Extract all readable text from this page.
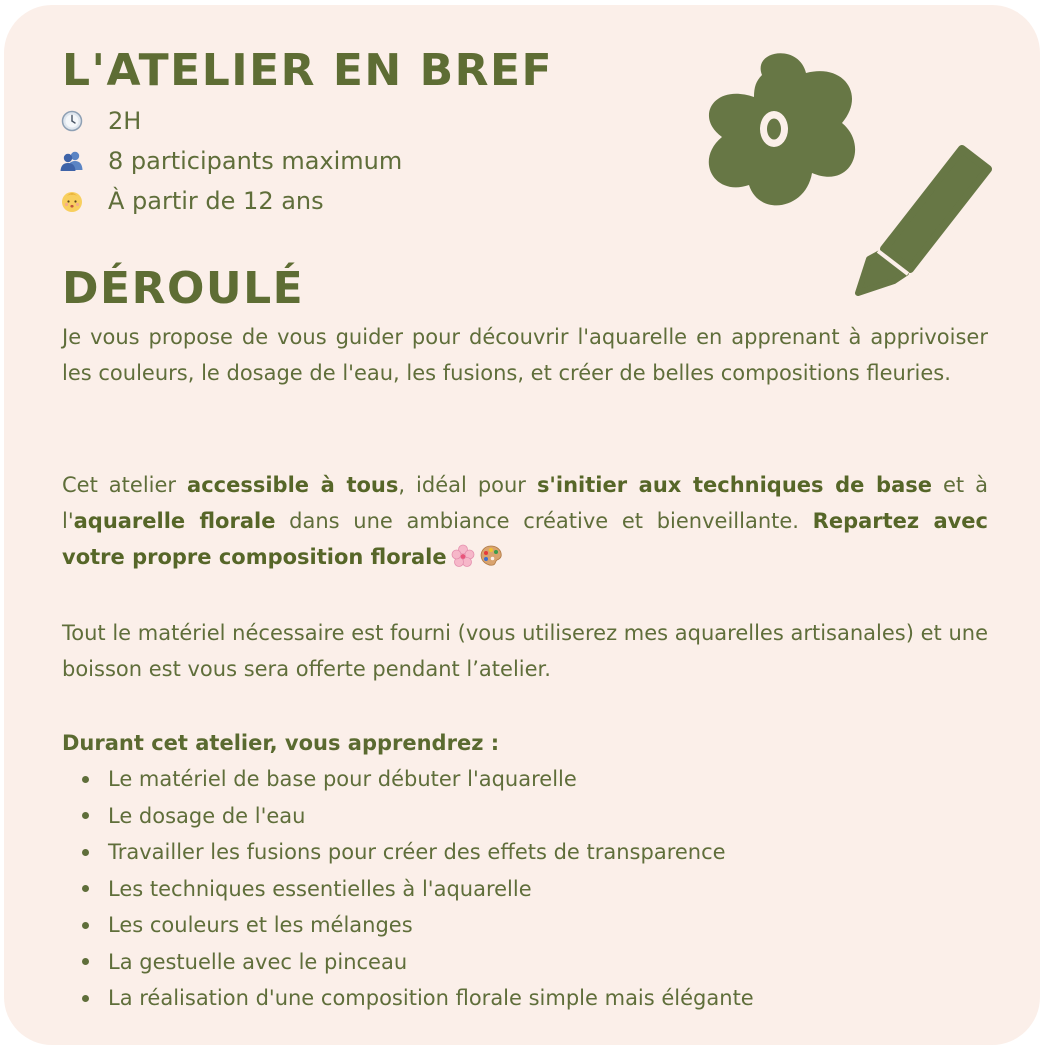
L'ATELIER EN BREF
2H
8 participants maximum
À partir de 12 ans
DÉROULÉ

Je vous propose de vous guider pour découvrir l'aquarelle en apprenant à apprivoiser les couleurs, le dosage de l'eau, les fusions, et créer de belles compositions fleuries.

Cet atelier accessible à tous, idéal pour s'initier aux techniques de base et à l'aquarelle florale dans une ambiance créative et bienveillante. Repartez avec votre propre composition florale

Tout le matériel nécessaire est fourni (vous utiliserez mes aquarelles artisanales) et une boisson est vous sera offerte pendant l’atelier.

Durant cet atelier, vous apprendrez :

Le matériel de base pour débuter l'aquarelle
Le dosage de l'eau
Travailler les fusions pour créer des effets de transparence
Les techniques essentielles à l'aquarelle
Les couleurs et les mélanges
La gestuelle avec le pinceau
La réalisation d'une composition florale simple mais élégante
